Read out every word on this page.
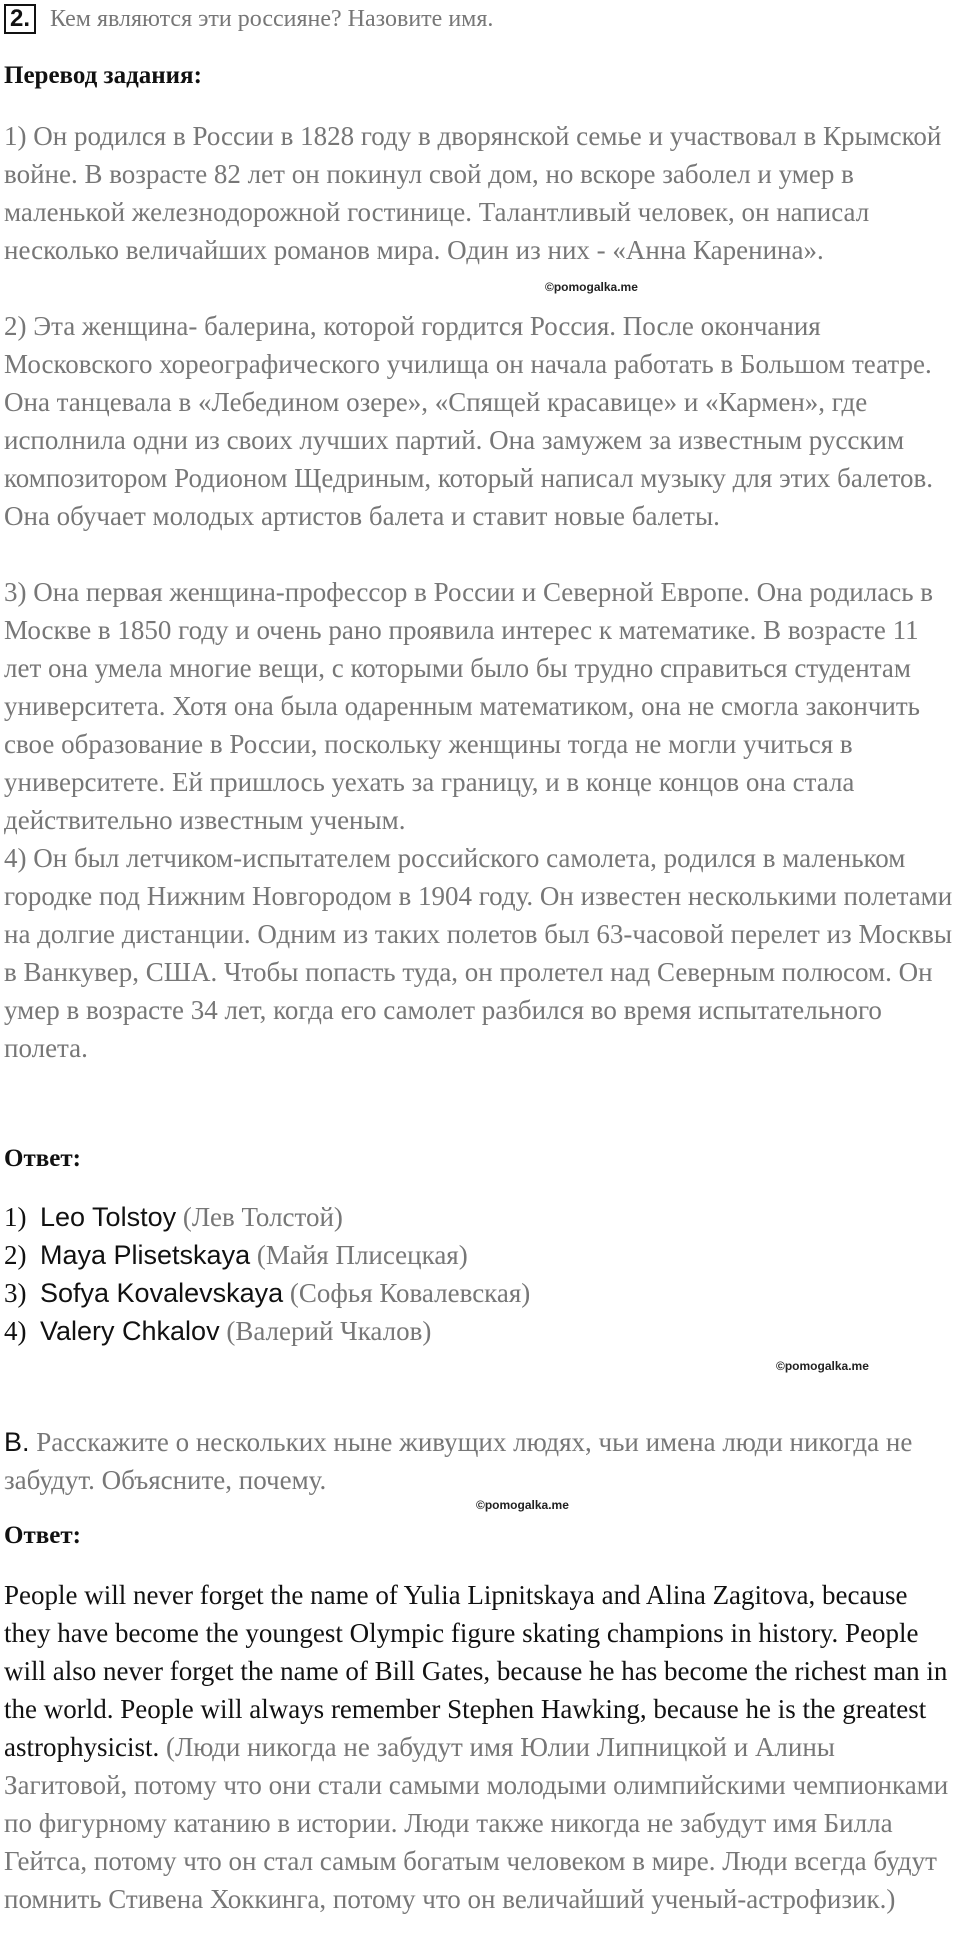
2. Кем являются эти россияне? Назовите имя.
Перевод задания:
1) Он родился в России в 1828 году в дворянской семье и участвовал в Крымской войне. В возрасте 82 лет он покинул свой дом, но вскоре заболел и умер в маленькой железнодорожной гостинице. Талантливый человек, он написал несколько величайших романов мира. Один из них - «Анна Каренина».
2) Эта женщина- балерина, которой гордится Россия. После окончания Московского хореографического училища он начала работать в Большом театре. Она танцевала в «Лебедином озере», «Спящей красавице» и «Кармен», где исполнила одни из своих лучших партий. Она замужем за известным русским композитором Родионом Щедриным, который написал музыку для этих балетов. Она обучает молодых артистов балета и ставит новые балеты.
3) Она первая женщина-профессор в России и Северной Европе. Она родилась в Москве в 1850 году и очень рано проявила интерес к математике. В возрасте 11 лет она умела многие вещи, с которыми было бы трудно справиться студентам университета. Хотя она была одаренным математиком, она не смогла закончить свое образование в России, поскольку женщины тогда не могли учиться в университете. Ей пришлось уехать за границу, и в конце концов она стала действительно известным ученым.
4) Он был летчиком-испытателем российского самолета, родился в маленьком городке под Нижним Новгородом в 1904 году. Он известен несколькими полетами на долгие дистанции. Одним из таких полетов был 63-часовой перелет из Москвы в Ванкувер, США. Чтобы попасть туда, он пролетел над Северным полюсом. Он умер в возрасте 34 лет, когда его самолет разбился во время испытательного полета.
©pomogalka.me
Ответ:
1) Leo Tolstoy (Лев Толстой)
2) Maya Plisetskaya (Майя Плисецкая)
3) Sofya Kovalevskaya (Софья Ковалевская)
4) Valery Chkalov (Валерий Чкалов)
©pomogalka.me
B. Расскажите о нескольких ныне живущих людях, чьи имена люди никогда не забудут. Объясните, почему.
©pomogalka.me
Ответ:
People will never forget the name of Yulia Lipnitskaya and Alina Zagitova, because they have become the youngest Olympic figure skating champions in history. People will also never forget the name of Bill Gates, because he has become the richest man in the world. People will always remember Stephen Hawking, because he is the greatest astrophysicist. (Люди никогда не забудут имя Юлии Липницкой и Алины Загитовой, потому что они стали самыми молодыми олимпийскими чемпионками по фигурному катанию в истории. Люди также никогда не забудут имя Билла Гейтса, потому что он стал самым богатым человеком в мире. Люди всегда будут помнить Стивена Хоккинга, потому что он величайший ученый-астрофизик.)
